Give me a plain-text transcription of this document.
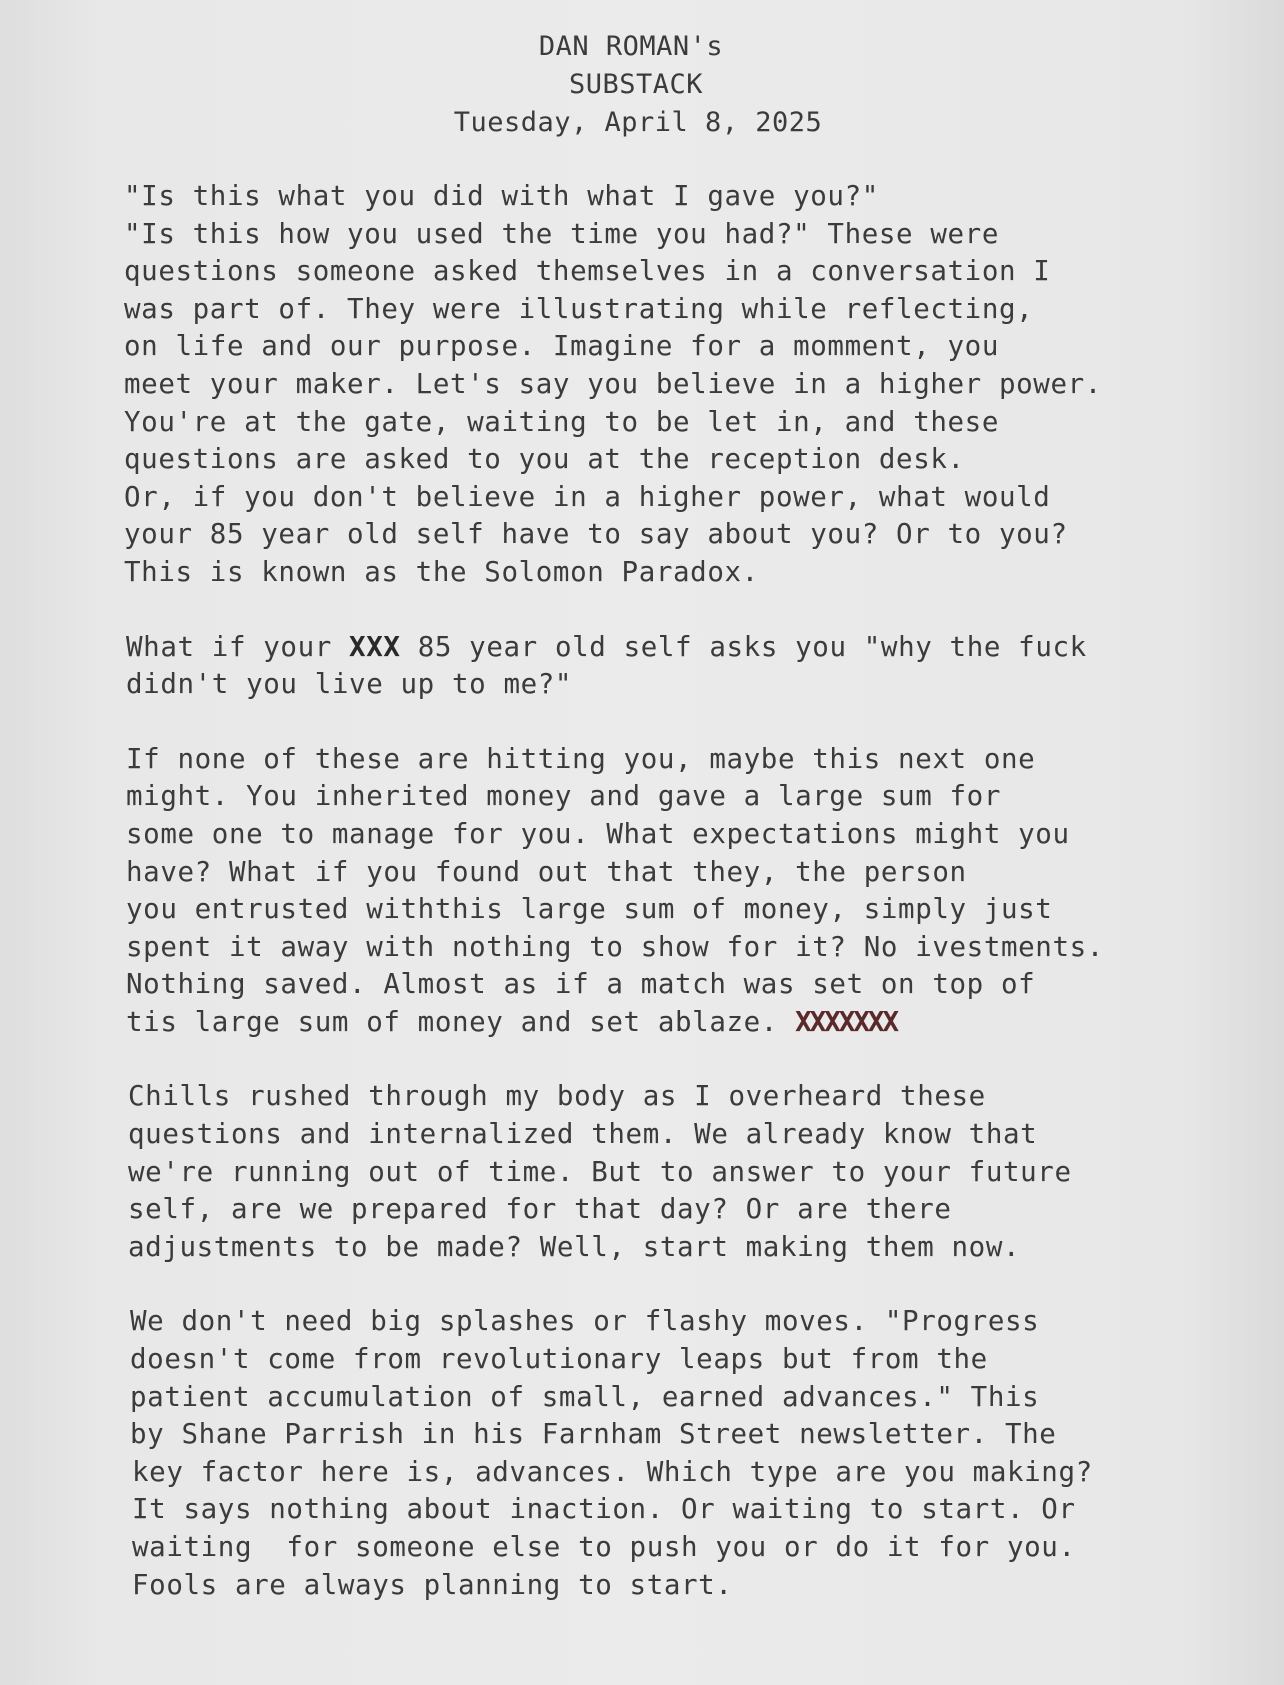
DAN ROMAN's
SUBSTACK
Tuesday, April 8, 2025
"Is this what you did with what I gave you?"
"Is this how you used the time you had?" These were
questions someone asked themselves in a conversation I
was part of. They were illustrating while reflecting,
on life and our purpose. Imagine for a momment, you
meet your maker. Let's say you believe in a higher power.
You're at the gate, waiting to be let in, and these
questions are asked to you at the reception desk.
Or, if you don't believe in a higher power, what would
your 85 year old self have to say about you? Or to you?
This is known as the Solomon Paradox.
What if your XXX 85 year old self asks you "why the fuck
didn't you live up to me?"
If none of these are hitting you, maybe this next one
might. You inherited money and gave a large sum for
some one to manage for you. What expectations might you
have? What if you found out that they, the person
you entrusted withthis large sum of money, simply just
spent it away with nothing to show for it? No ivestments.
Nothing saved. Almost as if a match was set on top of
tis large sum of money and set ablaze. XXXXXXX
Chills rushed through my body as I overheard these
questions and internalized them. We already know that
we're running out of time. But to answer to your future
self, are we prepared for that day? Or are there
adjustments to be made? Well, start making them now.
We don't need big splashes or flashy moves. "Progress
doesn't come from revolutionary leaps but from the
patient accumulation of small, earned advances." This
by Shane Parrish in his Farnham Street newsletter. The
key factor here is, advances. Which type are you making?
It says nothing about inaction. Or waiting to start. Or
waiting  for someone else to push you or do it for you.
Fools are always planning to start.
